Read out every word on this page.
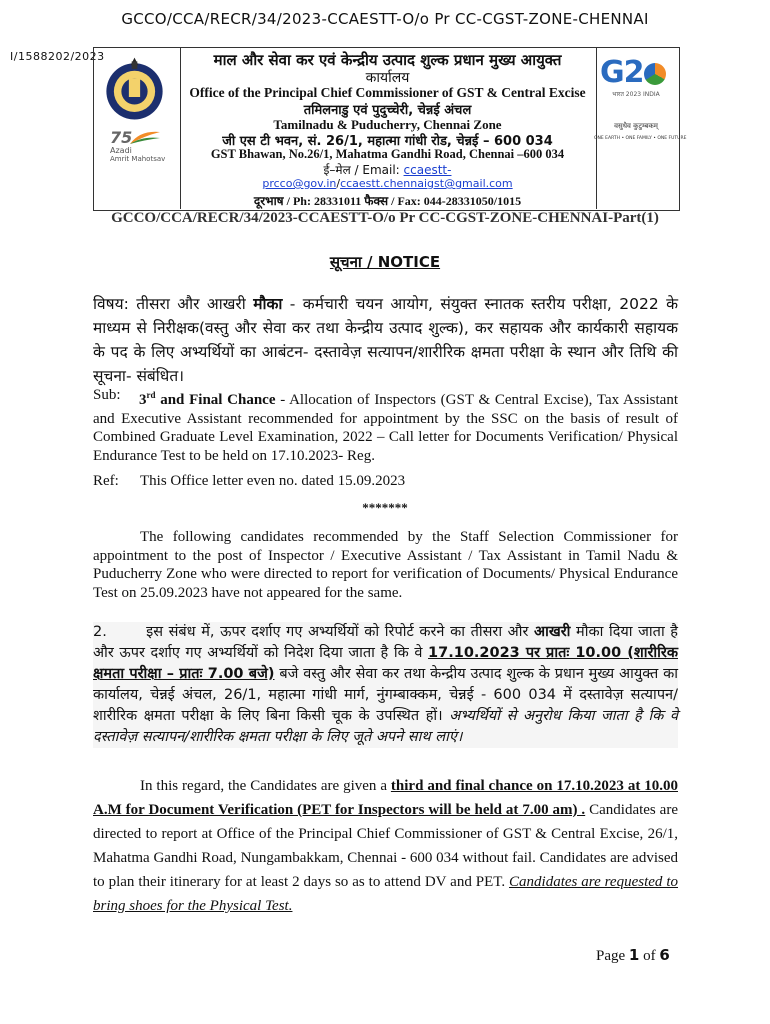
GCCO/CCA/RECR/34/2023-CCAESTT-O/o Pr CC-CGST-ZONE-CHENNAI
I/1588202/2023
75
Azadi
Amrit Mahotsav
माल और सेवा कर एवं केन्द्रीय उत्पाद शुल्क प्रधान मुख्य आयुक्त
कार्यालय
Office of the Principal Chief Commissioner of GST & Central Excise
तमिलनाडु एवं पुदुच्चेरी, चेन्नई अंचल
Tamilnadu & Puducherry, Chennai Zone
जी एस टी भवन, सं. 26/1, महात्मा गांधी रोड, चेन्नई – 600 034
GST Bhawan, No.26/1, Mahatma Gandhi Road, Chennai –600 034
ई–मेल / Email: ccaestt-
prcco@gov.in/ccaestt.chennaigst@gmail.com
दूरभाष / Ph: 28331011 फैक्स / Fax: 044-28331050/1015
G2
भारत 2023 INDIA
वसुधैव कुटुम्बकम्
ONE EARTH • ONE FAMILY • ONE FUTURE
GCCO/CCA/RECR/34/2023-CCAESTT-O/o Pr CC-CGST-ZONE-CHENNAI-Part(1)
सूचना / NOTICE
विषय: तीसरा और आखरी मौका - कर्मचारी चयन आयोग, संयुक्त स्नातक स्तरीय परीक्षा, 2022 के माध्यम से निरीक्षक(वस्तु और सेवा कर तथा केन्द्रीय उत्पाद शुल्क), कर सहायक और कार्यकारी सहायक के पद के लिए अभ्यर्थियों का आबंटन- दस्तावेज़ सत्यापन/शारीरिक क्षमता परीक्षा के स्थान और तिथि की सूचना- संबंधित।
Sub:	3rd and Final Chance - Allocation of Inspectors (GST & Central Excise), Tax Assistant and Executive Assistant recommended for appointment by the SSC on the basis of result of Combined Graduate Level Examination, 2022 – Call letter for Documents Verification/ Physical Endurance Test to be held on 17.10.2023- Reg.
Ref: This Office letter even no. dated 15.09.2023
*******
The following candidates recommended by the Staff Selection Commissioner for appointment to the post of Inspector / Executive Assistant / Tax Assistant in Tamil Nadu & Puducherry Zone who were directed to report for verification of Documents/ Physical Endurance Test on 25.09.2023 have not appeared for the same.
2.	इस संबंध में, ऊपर दर्शाए गए अभ्यर्थियों को रिपोर्ट करने का तीसरा और आखरी मौका दिया जाता है और ऊपर दर्शाए गए अभ्यर्थियों को निदेश दिया जाता है कि वे 17.10.2023 पर प्रातः 10.00 (शारीरिक क्षमता परीक्षा – प्रातः 7.00 बजे) बजे वस्तु और सेवा कर तथा केन्द्रीय उत्पाद शुल्क के प्रधान मुख्य आयुक्त का कार्यालय, चेन्नई अंचल, 26/1, महात्मा गांधी मार्ग, नुंगम्बाक्कम, चेन्नई - 600 034 में दस्तावेज़ सत्यापन/ शारीरिक क्षमता परीक्षा के लिए बिना किसी चूक के उपस्थित हों। अभ्यर्थियों से अनुरोध किया जाता है कि वे दस्तावेज़ सत्यापन/शारीरिक क्षमता परीक्षा के लिए जूते अपने साथ लाएं।
In this regard, the Candidates are given a third and final chance on 17.10.2023 at 10.00 A.M for Document Verification (PET for Inspectors will be held at 7.00 am) . Candidates are directed to report at Office of the Principal Chief Commissioner of GST & Central Excise, 26/1, Mahatma Gandhi Road, Nungambakkam, Chennai - 600 034 without fail. Candidates are advised to plan their itinerary for at least 2 days so as to attend DV and PET. Candidates are requested to bring shoes for the Physical Test.
Page 1 of 6
